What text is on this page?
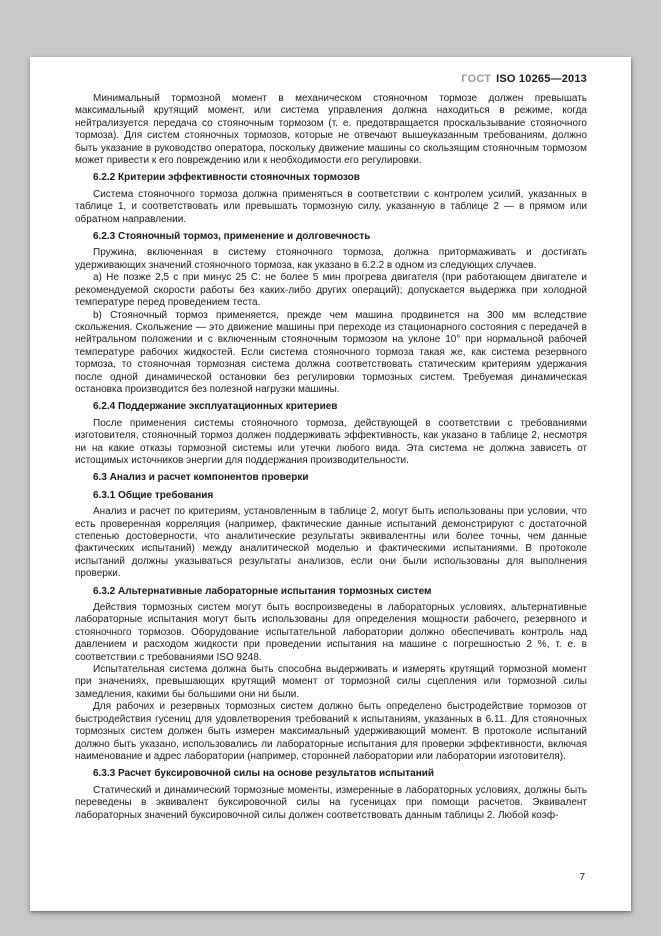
ГОСТ ISO 10265—2013

Минимальный тормозной момент в механическом стояночном тормозе должен превышать максимальный крутящий момент, или система управления должна находиться в режиме, когда нейтрализуется передача со стояночным тормозом (т. е. предотвращается проскальзывание стояночного тормоза). Для систем стояночных тормозов, которые не отвечают вышеуказанным требованиям, должно быть указание в руководство оператора, поскольку движение машины со скользящим стояночным тормозом может привести к его повреждению или к необходимости его регулировки.

6.2.2 Критерии эффективности стояночных тормозов

Система стояночного тормоза должна применяться в соответствии с контролем усилий, указанных в таблице 1, и соответствовать или превышать тормозную силу, указанную в таблице 2 — в прямом или обратном направлении.

6.2.3 Стояночный тормоз, применение и долговечность

Пружина, включенная в систему стояночного тормоза, должна притормаживать и достигать удерживающих значений стояночного тормоза, как указано в 6.2.2 в одном из следующих случаев.

a) Не позже 2,5 с при минус 25 С: не более 5 мин прогрева двигателя (при работающем двигателе и рекомендуемой скорости работы без каких-либо других операций); допускается выдержка при холодной температуре перед проведением теста.

b) Стояночный тормоз применяется, прежде чем машина продвинется на 300 мм вследствие скольжения. Скольжение — это движение машины при переходе из стационарного состояния с передачей в нейтральном положении и с включенным стояночным тормозом на уклоне 10° при нормальной рабочей температуре рабочих жидкостей. Если система стояночного тормоза такая же, как система резервного тормоза, то стояночная тормозная система должна соответствовать статическим критериям удержания после одной динамической остановки без регулировки тормозных систем. Требуемая динамическая остановка производится без полезной нагрузки машины.

6.2.4 Поддержание эксплуатационных критериев

После применения системы стояночного тормоза, действующей в соответствии с требованиями изготовителя, стояночный тормоз должен поддерживать эффективность, как указано в таблице 2, несмотря ни на какие отказы тормозной системы или утечки любого вида. Эта система не должна зависеть от истощимых источников энергии для поддержания производительности.

6.3 Анализ и расчет компонентов проверки

6.3.1 Общие требования

Анализ и расчет по критериям, установленным в таблице 2, могут быть использованы при условии, что есть проверенная корреляция (например, фактические данные испытаний демонстрируют с достаточной степенью достоверности, что аналитические результаты эквивалентны или более точны, чем данные фактических испытаний) между аналитической моделью и фактическими испытаниями. В протоколе испытаний должны указываться результаты анализов, если они были использованы для выполнения проверки.

6.3.2 Альтернативные лабораторные испытания тормозных систем

Действия тормозных систем могут быть воспроизведены в лабораторных условиях, альтернативные лабораторные испытания могут быть использованы для определения мощности рабочего, резервного и стояночного тормозов. Оборудование испытательной лаборатории должно обеспечивать контроль над давлением и расходом жидкости при проведении испытания на машине с погрешностью 2 %, т. е. в соответствии с требованиями ISO 9248.

Испытательная система должна быть способна выдерживать и измерять крутящий тормозной момент при значениях, превышающих крутящий момент от тормозной силы сцепления или тормозной силы замедления, какими бы большими они ни были.

Для рабочих и резервных тормозных систем должно быть определено быстродействие тормозов от быстродействия гусениц для удовлетворения требований к испытаниям, указанных в 6.11. Для стояночных тормозных систем должен быть измерен максимальный удерживающий момент. В протоколе испытаний должно быть указано, использовались ли лабораторные испытания для проверки эффективности, включая наименование и адрес лаборатории (например, сторонней лаборатории или лаборатории изготовителя).

6.3.3 Расчет буксировочной силы на основе результатов испытаний

Статический и динамический тормозные моменты, измеренные в лабораторных условиях, должны быть переведены в эквивалент буксировочной силы на гусеницах при помощи расчетов. Эквивалент лабораторных значений буксировочной силы должен соответствовать данным таблицы 2. Любой коэф-

7
